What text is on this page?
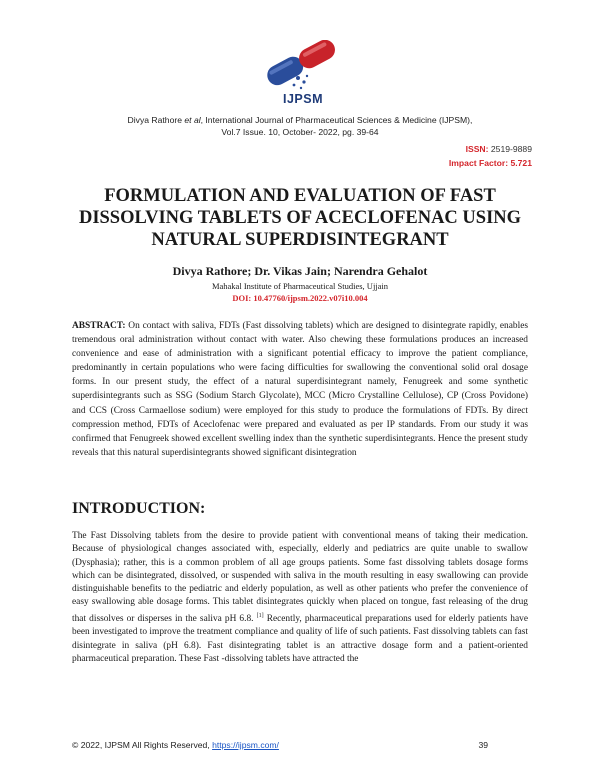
IJPSM
Divya Rathore et al, International Journal of Pharmaceutical Sciences & Medicine (IJPSM),
Vol.7 Issue. 10, October- 2022, pg. 39-64
ISSN: 2519-9889
Impact Factor: 5.721
FORMULATION AND EVALUATION OF FAST DISSOLVING TABLETS OF ACECLOFENAC USING NATURAL SUPERDISINTEGRANT
Divya Rathore; Dr. Vikas Jain; Narendra Gehalot
Mahakal Institute of Pharmaceutical Studies, Ujjain
DOI: 10.47760/ijpsm.2022.v07i10.004

ABSTRACT: On contact with saliva, FDTs (Fast dissolving tablets) which are designed to disintegrate rapidly, enables tremendous oral administration without contact with water. Also chewing these formulations produces an increased convenience and ease of administration with a significant potential efficacy to improve the patient compliance, predominantly in certain populations who were facing difficulties for swallowing the conventional solid oral dosage forms. In our present study, the effect of a natural superdisintegrant namely, Fenugreek and some synthetic superdisintegrants such as SSG (Sodium Starch Glycolate), MCC (Micro Crystalline Cellulose), CP (Cross Povidone) and CCS (Cross Carmaellose sodium) were employed for this study to produce the formulations of FDTs. By direct compression method, FDTs of Aceclofenac were prepared and evaluated as per IP standards. From our study it was confirmed that Fenugreek showed excellent swelling index than the synthetic superdisintegrants. Hence the present study reveals that this natural superdisintegrants showed significant disintegration

INTRODUCTION:

The Fast Dissolving tablets from the desire to provide patient with conventional means of taking their medication. Because of physiological changes associated with, especially, elderly and pediatrics are quite unable to swallow (Dysphasia); rather, this is a common problem of all age groups patients. Some fast dissolving tablets dosage forms which can be disintegrated, dissolved, or suspended with saliva in the mouth resulting in easy swallowing can provide distinguishable benefits to the pediatric and elderly population, as well as other patients who prefer the convenience of easy swallowing able dosage forms. This tablet disintegrates quickly when placed on tongue, fast releasing of the drug that dissolves or disperses in the saliva pH 6.8. [1] Recently, pharmaceutical preparations used for elderly patients have been investigated to improve the treatment compliance and quality of life of such patients. Fast dissolving tablets can fast disintegrate in saliva (pH 6.8). Fast disintegrating tablet is an attractive dosage form and a patient-oriented pharmaceutical preparation. These Fast -dissolving tablets have attracted the

© 2022, IJPSM All Rights Reserved, https://ijpsm.com/	39
